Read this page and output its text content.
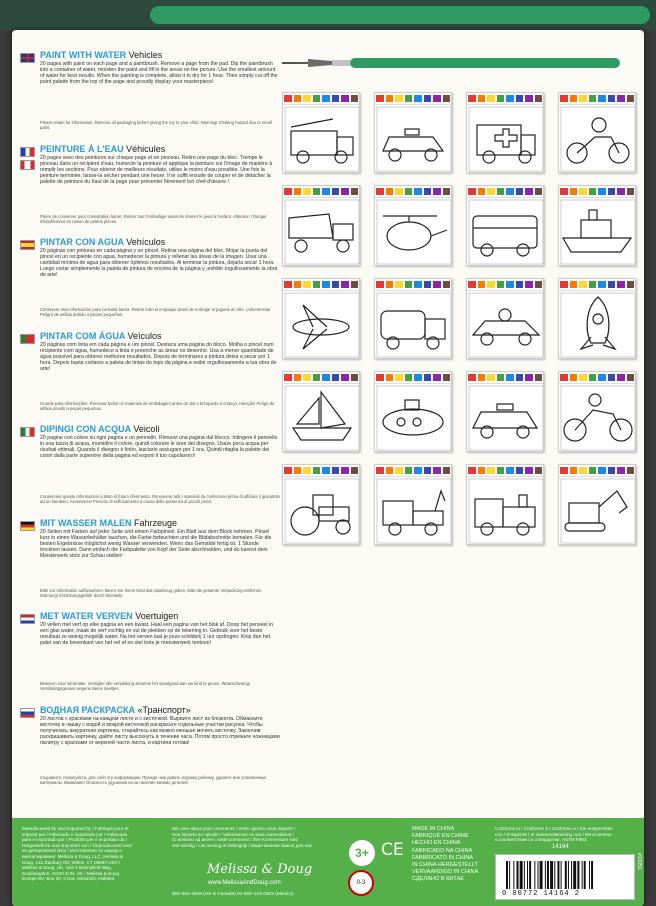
PAINT WITH WATER Vehicles
20 pages with paint on each page and a paintbrush. Remove a page from the pad. Dip the paintbrush into a container of water, moisten the paint and fill in the areas on the picture. Use the smallest amount of water for best results. When the painting is complete, allow it to dry for 1 hour. Then simply cut off the paint palette from the top of the page and proudly display your masterpiece!
Please retain for information. Remove all packaging before giving the toy to your child. Warning! Choking hazard due to small parts.
PEINTURE À L'EAU Véhicules
20 pages avec des peintures sur chaque page et un pinceau. Retire une page du bloc. Trempe le pinceau dans un récipient d'eau, humecte la peinture et applique la peinture sur l'image de manière à remplir les sections. Pour obtenir de meilleurs résultats, utilise le moins d'eau possible. Une fois la peinture terminée, laisse-la sécher pendant une heure. Il te suffit ensuite de couper et de détacher la palette de peinture du haut de la page pour présenter fièrement ton chef-d'œuvre !
Prière de conserver pour consultation future. Retirer tout l'emballage avant de donner le jouet à l'enfant. Attention ! Danger d'étouffement en raison de petites pièces.
PINTAR CON AGUA Vehículos
20 páginas con pinturas en cada página y un pincel. Retirar una página del bloc. Mojar la punta del pincel en un recipiente con agua, humedecer la pintura y rellenar las áreas de la imagen. Usar una cantidad mínima de agua para obtener óptimos resultados. Al terminar la pintura, dejarla secar 1 hora. Luego cortar simplemente la paleta de pintura de encima de la página y ¡exhibir orgullosamente la obra de arte!
Conservar esta información para consulta futura. Retirar todo el empaque antes de entregar el juguete al niño. ¡Advertencia! Peligro de asfixia debido a piezas pequeñas.
PINTAR COM ÁGUA Veículos
20 páginas com tinta em cada página e um pincel. Destaca uma página do bloco. Molha o pincel num recipiente com água, humedece a tinta e preenche as áreas no desenho. Usa a menor quantidade de água possível para obteres melhores resultados. Depois de terminares a pintura deixa a secar por 1 hora. Depois basta cortares a paleta de tintas do topo da página e exibir orgulhosamente a tua obra de arte!
Guarde para informações. Remover todos os materiais de embalagem antes de dar o brinquedo à criança. Atenção! Perigo de asfixia devido a peças pequenas.
DIPINGI CON ACQUA Veicoli
20 pagine con colore su ogni pagina e un pennello. Rimuovi una pagina dal blocco. Intingere il pennello in una tazza di acqua, inumidire il colore, quindi colorare le aree del disegno. Usare poca acqua per risultati ottimali. Quando il disegno è finito, lasciarlo asciugare per 1 ora. Quindi ritaglia la palette dei colori dalla parte superiore della pagina ed esponi il tuo capolavoro!
Conservare queste informazioni a titolo di futuro riferimento. Rimuovere tutti i materiali da confezione prima di affidare il giocattolo ad un bambino. Avvertenza! Pericolo di soffocamento a causa della presenza di piccoli pezzi.
MIT WASSER MALEN Fahrzeuge
20 Seiten mit Farben auf jeder Seite und einem Farbpinsel. Ein Blatt aus dem Block nehmen. Pinsel kurz in einen Wasserbehälter tauchen, die Farbe befeuchten und die Bildabschnitte bemalen. Für die besten Ergebnisse möglichst wenig Wasser verwenden. Wenn das Gemälde fertig ist, 1 Stunde trocknen lassen. Dann einfach die Farbpalette von Kopf der Seite abschneiden, und du kannst dein Meisterwerk stolz zur Schau stellen!
Bitte zur Information aufbewahren. Bevor Sie Ihrem Kind das Spielzeug geben, bitte die gesamte Verpackung entfernen. Warnung! Erstickungsgefahr durch Kleinteile.
MET WATER VERVEN Voertuigen
20 vellen met verf op elke pagina en een kwast. Haal een pagina van het blok af. Doop het penseel in een glas water, maak de verf vochtig en vul de plekken op de tekening in. Gebruik voor het beste resultaat zo weinig mogelijk water. Na het verven laat je jouw schilderij 1 uur opdrogen. Knip dan het palet van de bovenkant van het vel af en stel trots je meesterwerk tentoon!
Bewaren voor informatie. Verwijder alle verpakking alvorens het speelgoed aan uw kind te geven. Waarschuwing! Verstikkingsgevaar wegens kleine deeltjes.
ВОДНАЯ РАСКРАСКА «Транспорт»
20 листов с красками на каждом листе и с кисточкой. Вырвите лист из блокнота. Обмакните кисточку в чашку с водой и мокрой кисточкой раскрасьте отдельные участки рисунка. Чтобы получилась аккуратная картинка, старайтесь как можно меньше мочить кисточку. Закончив раскрашивать картинку, дайте листу высохнуть в течение часа. Потом просто отрежьте ножницами палитру с красками от верхней части листа, и картина готова!
Сохраните, пожалуйста, для себя эту информацию. Прежде чем давать игрушку ребенку, удалите всю упаковочные материалы. Внимание! Опасность удушения из-за наличия мелких деталей.
Manufactured for and imported by / Fabriqué pour et
importé par / Fabricado e importado por / Fabricado
para e importado por / Prodotto per e importato da /
Hergestellt für und importiert von / Geproduceerd voor
en geïmporteerd door / Изготовлено по заказу и
импортировано: Melissa & Doug, LLC, Melissa &
Doug, 141 Danbury Rd, Wilton, CT 06897 USA /
Melissa & Doug, UK, Unit 2 Bonnyfield Way,
Southampton, SO30 2UN, UK / Melissa & Doug
Europe BV, Box 20, 5 Cat. Almaroch, Holland
We care about your comments / Votre opinion nous importe /
Nos importa su opinión / Valorizamos os seus comentários /
Ci teniamo ad avere i vostri commenti / Ihre Kommentare sind
uns wichtig / Uw mening is belangrijk / Ваше мнение важно для нас
Melissa & Doug
www.MelissaAndDoug.com
800-284-3948 (US & Canada) 01-800-123-0402 (México)
3+ CE
0-3
MADE IN CHINA
FABRIQUÉ EN CHINE
HECHO EN CHINA
FABRICADO NA CHINA
FABBRICATO IN CHINA
IN CHINA HERGESTELLT
VERVAARDIGD IN CHINA
СДЕЛАНО В КИТАЕ
Conforms to / Conforme à / Conforme a / Sie entsprechen
con / Entspricht / In overeenstemming met / Изготовлено
в соответствии со стандартом: ASTM F963
14164
0 00772 14164 2
#13051
